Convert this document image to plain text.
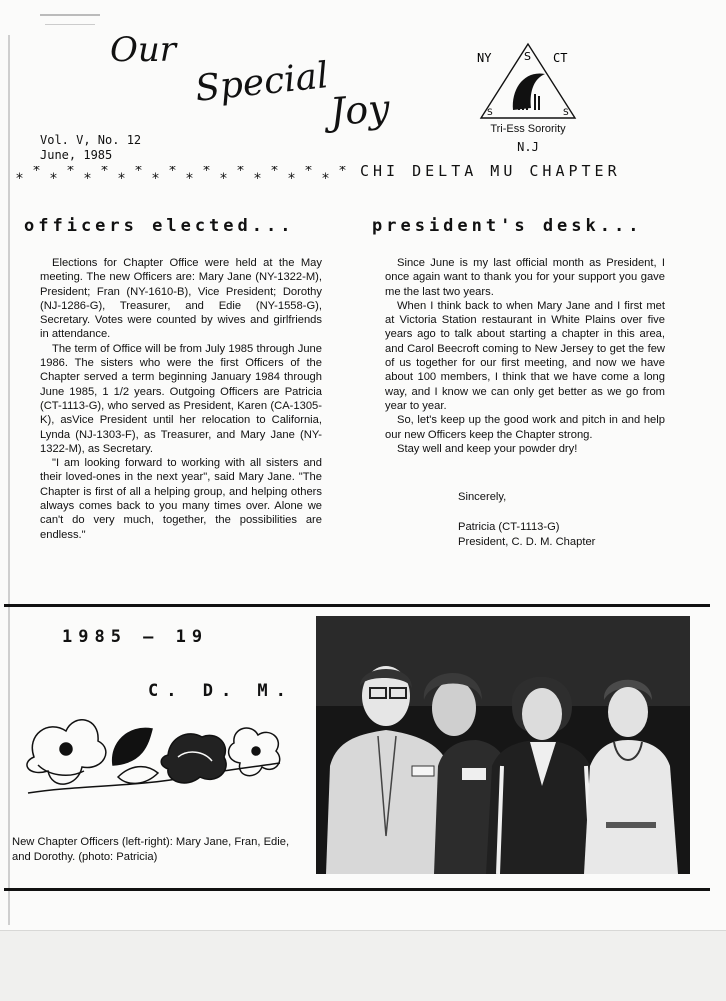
Our
Special
Joy
Vol. V, No. 12
June, 1985
NY	CT
S
S	S
Tri-Ess Sorority
N.J
* * * * * * * * * * * * * * * * * * * * CHI DELTA MU CHAPTER
officers elected...	president's desk...

Elections for Chapter Office were held at the May meeting. The new Officers are: Mary Jane (NY-1322-M), President; Fran (NY-1610-B), Vice President; Dorothy (NJ-1286-G), Treasurer, and Edie (NY-1558-G), Secretary. Votes were counted by wives and girlfriends in attendance.

The term of Office will be from July 1985 through June 1986. The sisters who were the first Officers of the Chapter served a term beginning January 1984 through June 1985, 1 1/2 years. Outgoing Officers are Patricia (CT-1113-G), who served as President, Karen (CA-1305-K), asVice President until her relocation to California, Lynda (NJ-1303-F), as Treasurer, and Mary Jane (NY-1322-M), as Secretary.

"I am looking forward to working with all sisters and their loved-ones in the next year", said Mary Jane. "The Chapter is first of all a helping group, and helping others always comes back to you many times over. Alone we can't do very much, together, the possibilities are endless."

Since June is my last official month as President, I once again want to thank you for your support you gave me the last two years.

When I think back to when Mary Jane and I first met at Victoria Station restaurant in White Plains over five years ago to talk about starting a chapter in this area, and Carol Beecroft coming to New Jersey to get the few of us together for our first meeting, and now we have about 100 members, I think that we have come a long way, and I know we can only get better as we go from year to year.

So, let's keep up the good work and pitch in and help our new Officers keep the Chapter strong.

Stay well and keep your powder dry!

Sincerely,
Patricia (CT-1113-G)
President, C. D. M. Chapter
1985 — 19
C. D. M.
New Chapter Officers (left-right): Mary Jane, Fran, Edie, and Dorothy. (photo: Patricia)
